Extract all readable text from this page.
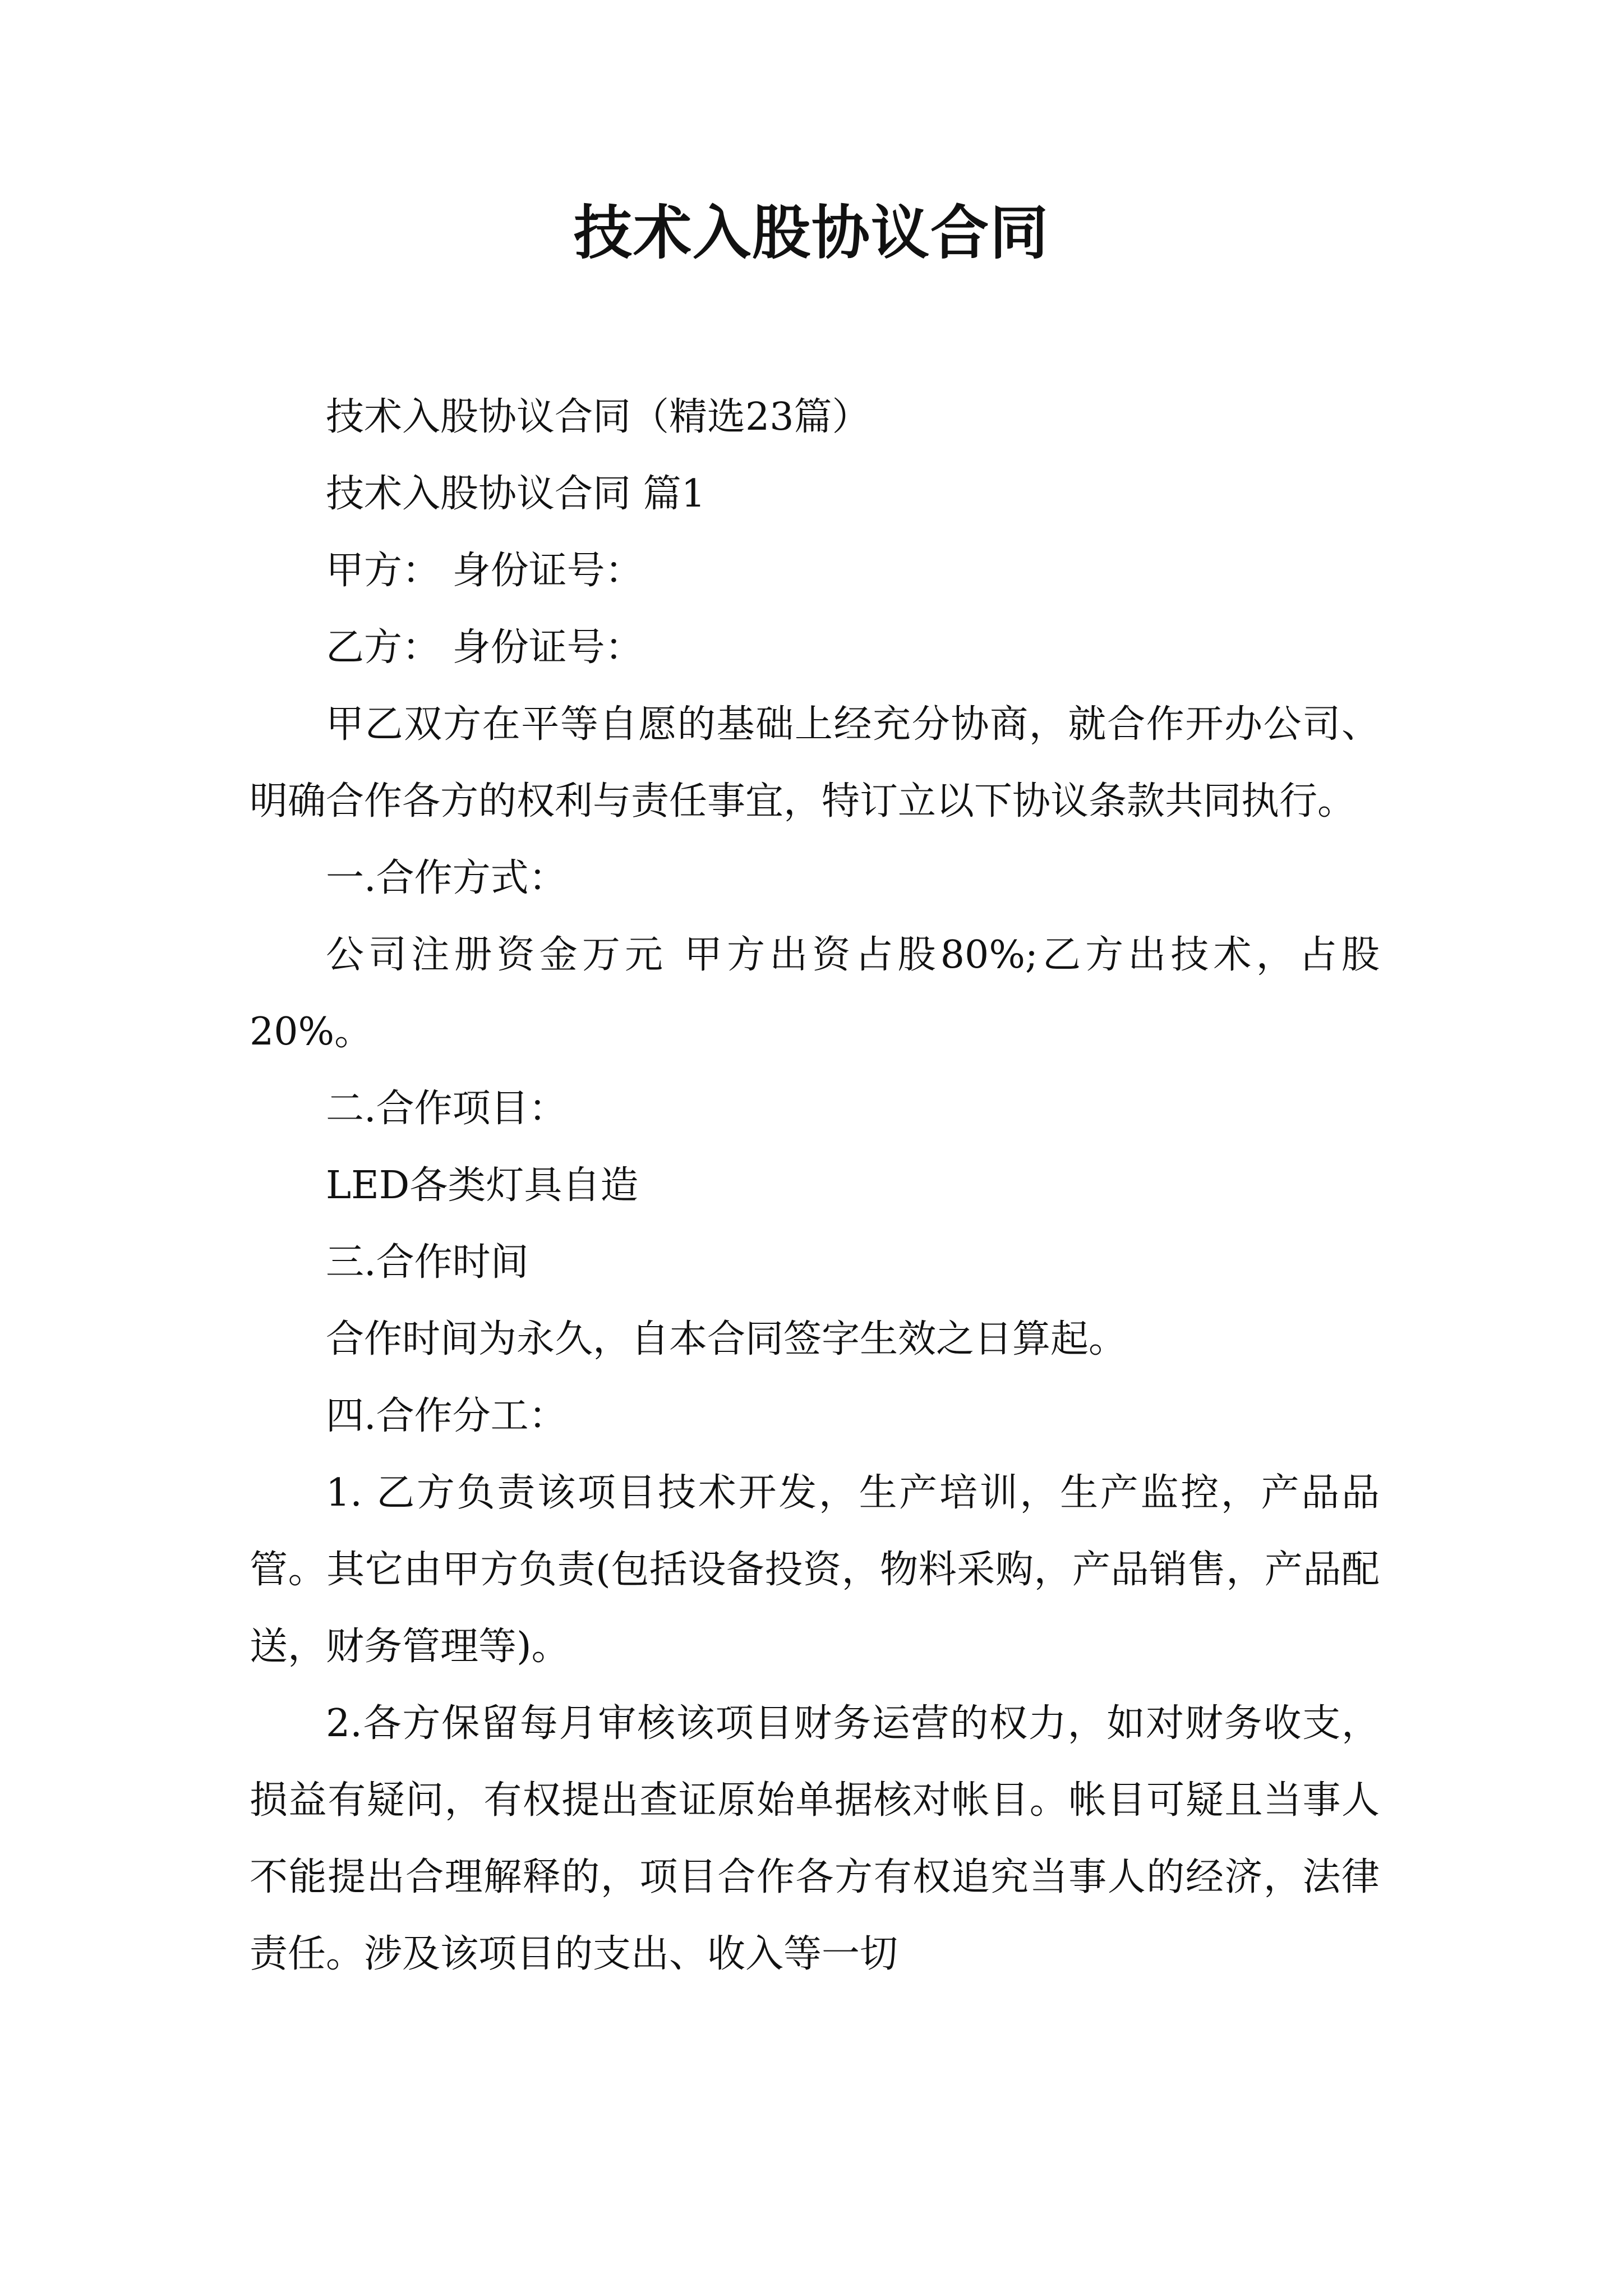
技术入股协议合同

技术入股协议合同（精选23篇）

技术入股协议合同 篇1

甲方： 身份证号：

乙方： 身份证号：

甲乙双方在平等自愿的基础上经充分协商，就合作开办公司、明确合作各方的权利与责任事宜，特订立以下协议条款共同执行。

一.合作方式：

公司注册资金万元 甲方出资占股80%;乙方出技术，占股20%。

二.合作项目：

LED各类灯具自造

三.合作时间

合作时间为永久，自本合同签字生效之日算起。

四.合作分工：

1. 乙方负责该项目技术开发，生产培训，生产监控，产品品管。其它由甲方负责(包括设备投资，物料采购，产品销售，产品配送，财务管理等)。

2.各方保留每月审核该项目财务运营的权力，如对财务收支，损益有疑问，有权提出查证原始单据核对帐目。帐目可疑且当事人不能提出合理解释的，项目合作各方有权追究当事人的经济，法律责任。涉及该项目的支出、收入等一切
